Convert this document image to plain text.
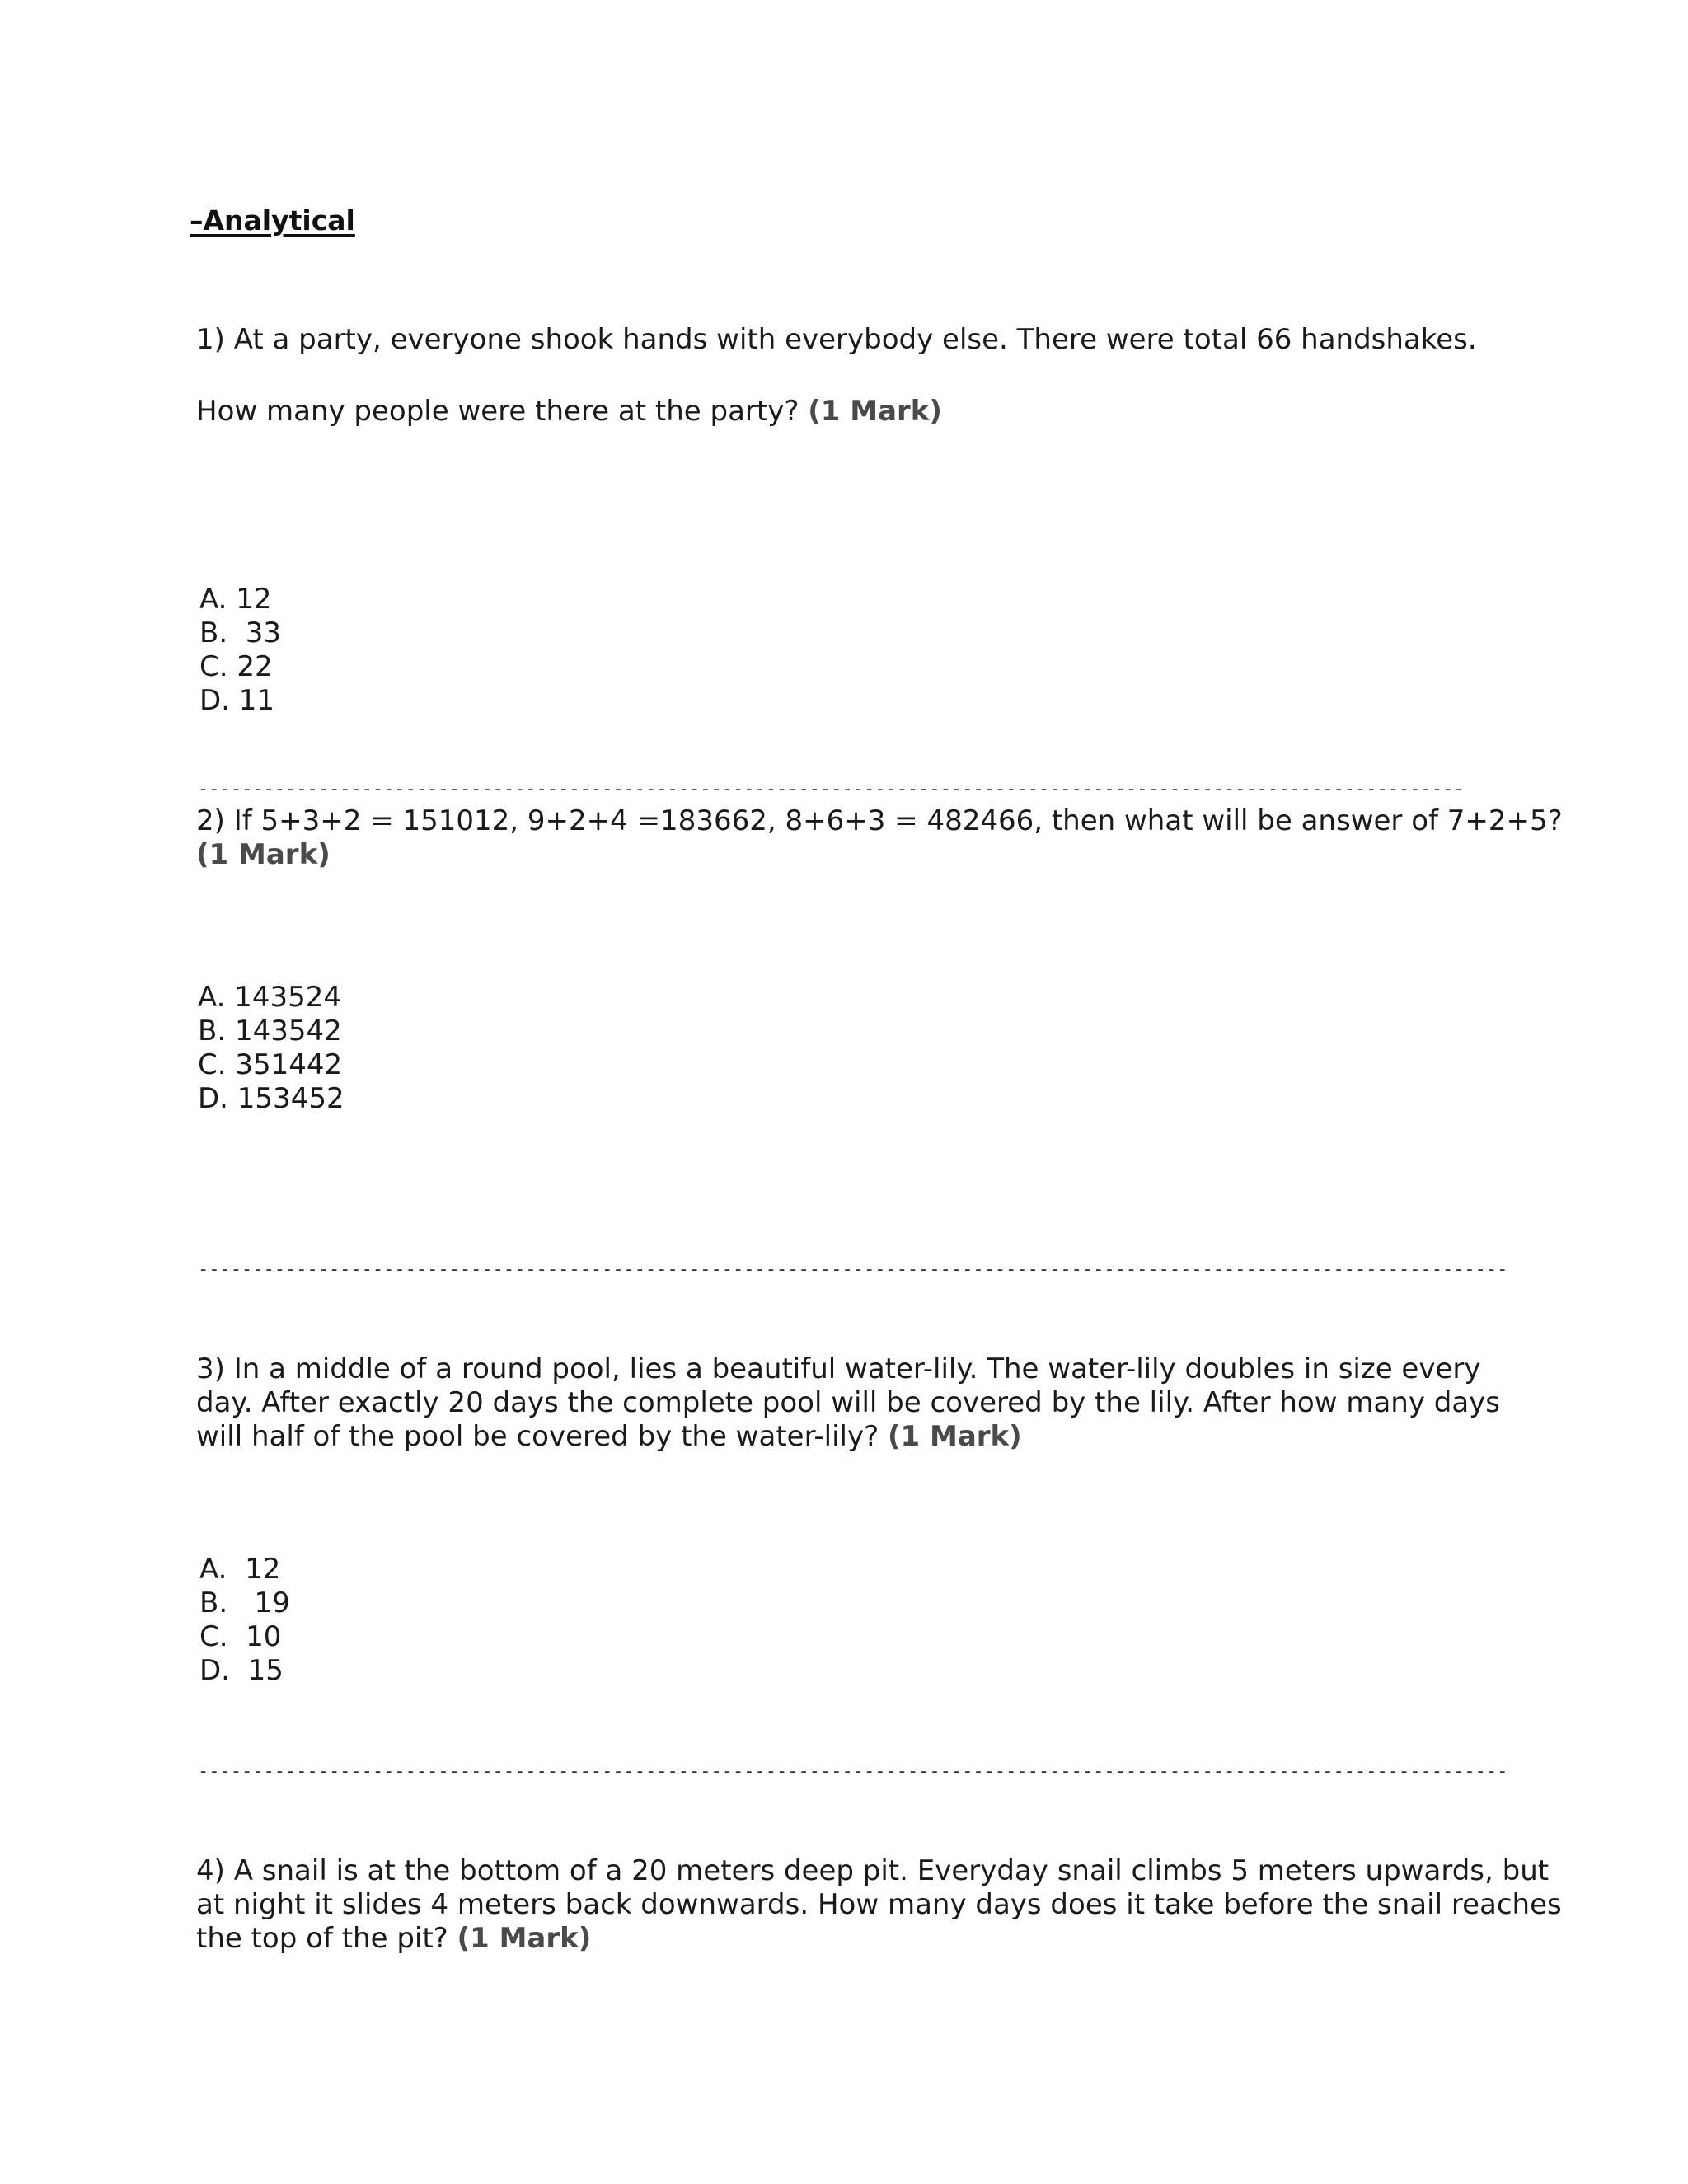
–Analytical
1) At a party, everyone shook hands with everybody else. There were total 66 handshakes.
How many people were there at the party? (1 Mark)
A. 12
B.  33
C. 22
D. 11
2) If 5+3+2 = 151012, 9+2+4 =183662, 8+6+3 = 482466, then what will be answer of 7+2+5?
(1 Mark)
A. 143524
B. 143542
C. 351442
D. 153452
3) In a middle of a round pool, lies a beautiful water-lily. The water-lily doubles in size every
day. After exactly 20 days the complete pool will be covered by the lily. After how many days
will half of the pool be covered by the water-lily? (1 Mark)
A.  12
B.   19
C.  10
D.  15
4) A snail is at the bottom of a 20 meters deep pit. Everyday snail climbs 5 meters upwards, but
at night it slides 4 meters back downwards. How many days does it take before the snail reaches
the top of the pit? (1 Mark)
--------------------------------------------------------------------------------------------------------------------
------------------------------------------------------------------------------------------------------------------------
------------------------------------------------------------------------------------------------------------------------
